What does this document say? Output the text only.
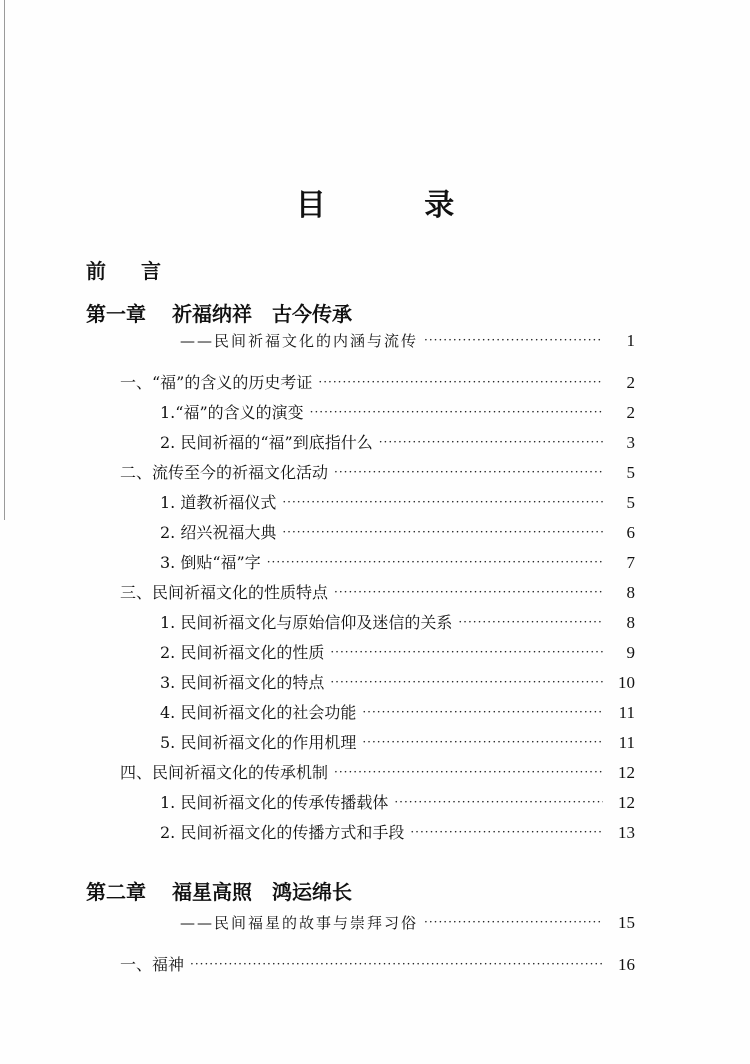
目 录
前 言
第一章 祈福纳祥　古今传承
——民间祈福文化的内涵与流传 ·····	1
一、“福”的含义的历史考证 ·····	2
1.“福”的含义的演变 ·····	2
2. 民间祈福的“福”到底指什么 ·····	3
二、流传至今的祈福文化活动 ·····	5
1. 道教祈福仪式 ·····	5
2. 绍兴祝福大典 ·····	6
3. 倒贴“福”字 ·····	7
三、民间祈福文化的性质特点 ·····	8
1. 民间祈福文化与原始信仰及迷信的关系 ·····	8
2. 民间祈福文化的性质 ·····	9
3. 民间祈福文化的特点 ·····	10
4. 民间祈福文化的社会功能 ·····	11
5. 民间祈福文化的作用机理 ·····	11
四、民间祈福文化的传承机制 ·····	12
1. 民间祈福文化的传承传播载体 ·····	12
2. 民间祈福文化的传播方式和手段 ·····	13
第二章 福星高照　鸿运绵长
——民间福星的故事与崇拜习俗 ·····	15
一、福神 ·····	16
